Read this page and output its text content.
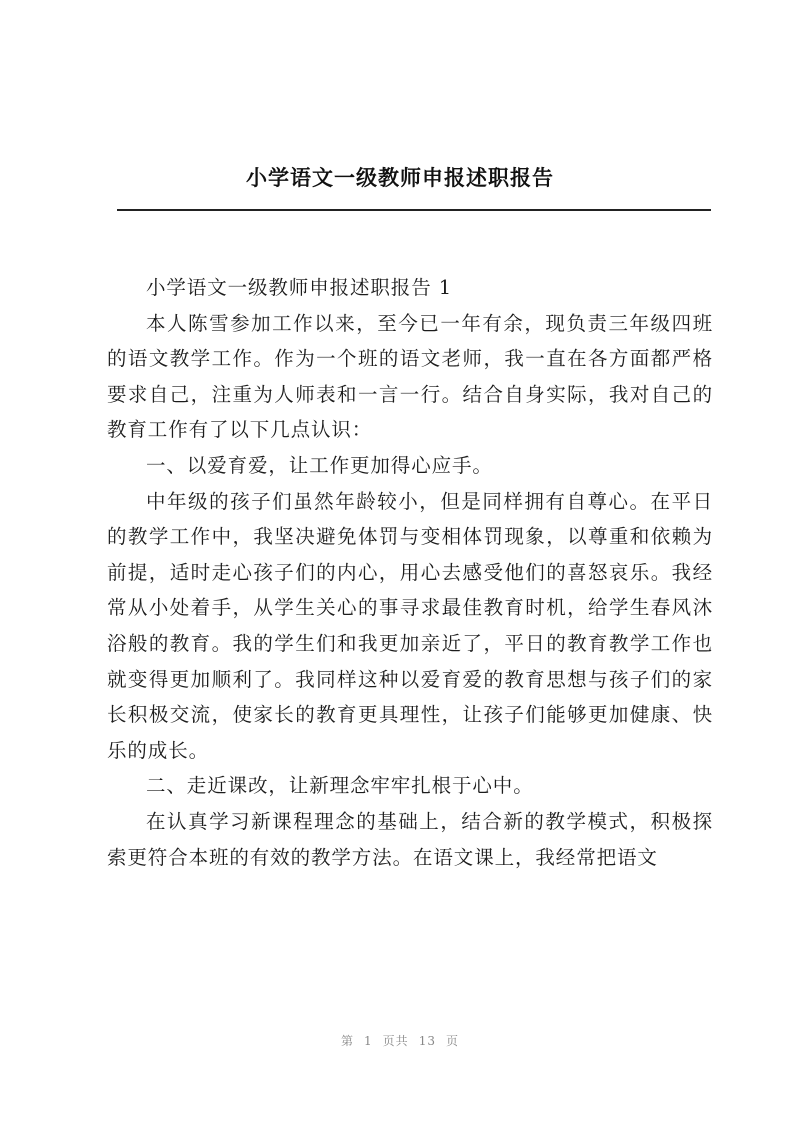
小学语文一级教师申报述职报告

小学语文一级教师申报述职报告 1

本人陈雪参加工作以来，至今已一年有余，现负责三年级四班的语文教学工作。作为一个班的语文老师，我一直在各方面都严格要求自己，注重为人师表和一言一行。结合自身实际，我对自己的教育工作有了以下几点认识：

一、以爱育爱，让工作更加得心应手。

中年级的孩子们虽然年龄较小，但是同样拥有自尊心。在平日的教学工作中，我坚决避免体罚与变相体罚现象，以尊重和依赖为前提，适时走心孩子们的内心，用心去感受他们的喜怒哀乐。我经常从小处着手，从学生关心的事寻求最佳教育时机，给学生春风沐浴般的教育。我的学生们和我更加亲近了，平日的教育教学工作也就变得更加顺利了。我同样这种以爱育爱的教育思想与孩子们的家长积极交流，使家长的教育更具理性，让孩子们能够更加健康、快乐的成长。

二、走近课改，让新理念牢牢扎根于心中。

在认真学习新课程理念的基础上，结合新的教学模式，积极探索更符合本班的有效的教学方法。在语文课上，我经常把语文

第 1 页共 13 页
